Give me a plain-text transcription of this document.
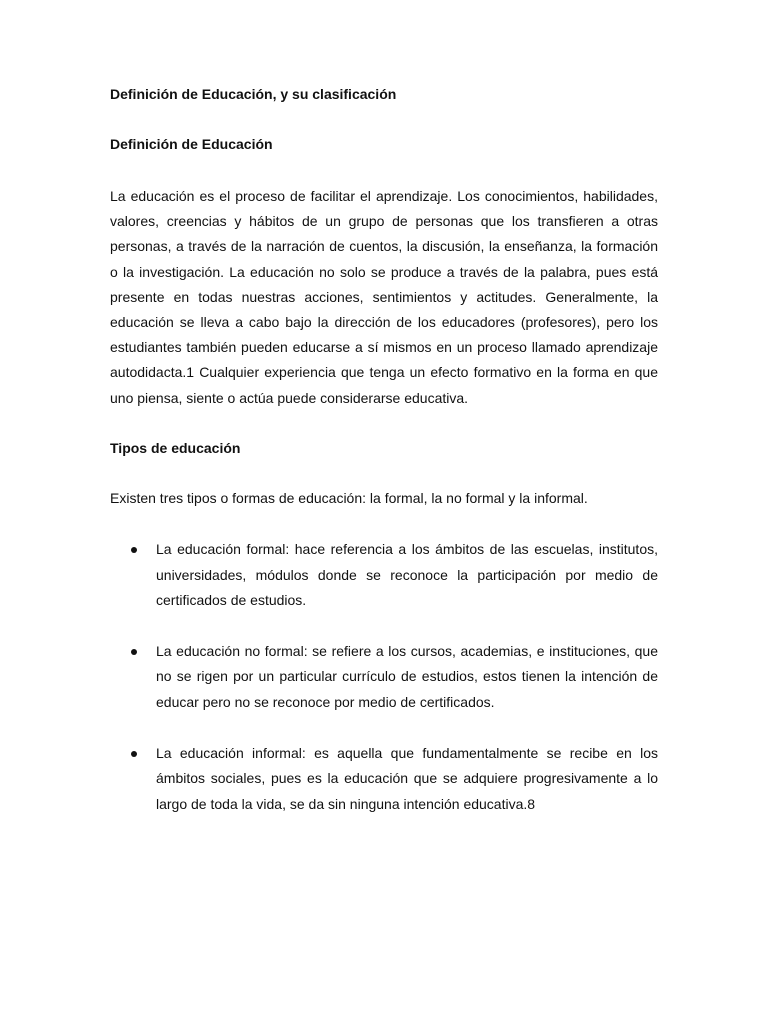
Definición de Educación, y su clasificación

Definición de Educación

La educación es el proceso de facilitar el aprendizaje. Los conocimientos, habilidades, valores, creencias y hábitos de un grupo de personas que los transfieren a otras personas, a través de la narración de cuentos, la discusión, la enseñanza, la formación o la investigación. La educación no solo se produce a través de la palabra, pues está presente en todas nuestras acciones, sentimientos y actitudes. Generalmente, la educación se lleva a cabo bajo la dirección de los educadores (profesores), pero los estudiantes también pueden educarse a sí mismos en un proceso llamado aprendizaje autodidacta.1 Cualquier experiencia que tenga un efecto formativo en la forma en que uno piensa, siente o actúa puede considerarse educativa.

Tipos de educación

Existen tres tipos o formas de educación: la formal, la no formal y la informal.

La educación formal: hace referencia a los ámbitos de las escuelas, institutos, universidades, módulos donde se reconoce la participación por medio de certificados de estudios.
La educación no formal: se refiere a los cursos, academias, e instituciones, que no se rigen por un particular currículo de estudios, estos tienen la intención de educar pero no se reconoce por medio de certificados.
La educación informal: es aquella que fundamentalmente se recibe en los ámbitos sociales, pues es la educación que se adquiere progresivamente a lo largo de toda la vida, se da sin ninguna intención educativa.8
